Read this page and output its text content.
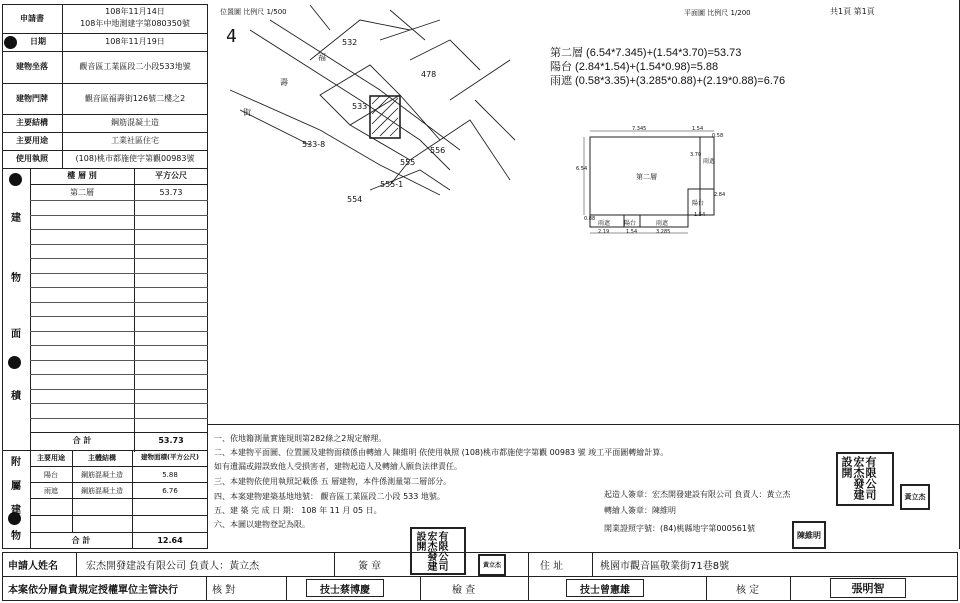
申請書
108年11月14日
108年中地測建字第080350號
日期	108年11月19日
建物坐落	觀音區工業區段二小段533地號
建物門牌	觀音區福壽街126號二樓之2
主要結構	鋼筋混凝土造
主要用途	工業社區住宅
使用執照	(108)桃市都施使字第觀00983號
樓 層 別	平方公尺
第二層	53.73
建
物
面
積
合 計	53.73
主要用途	主體結構	建物面積(平方公尺)
陽台	鋼筋混凝土造	5.88
雨遮	鋼筋混凝土造	6.76
附
屬
建
物	合 計	12.64
位置圖 比例尺 1/500
4	532
福
478
壽
533
街
533-8
556
555
555-1
554
平面圖 比例尺 1/200	共1頁 第1頁
第二層 (6.54*7.345)+(1.54*3.70)=53.73
陽台 (2.84*1.54)+(1.54*0.98)=5.88
雨遮 (0.58*3.35)+(3.285*0.88)+(2.19*0.88)=6.76
7.345	1.54
0.58
3.70
6.54
2.84
1.54
0.88
2.19	1.54	3.285
第二層
雨遮
陽台
雨遮 陽台	雨遮
一、依地籍測量實施規則第282條之2規定辦理。
二、本建物平面圖、位置圖及建物面積係由轉繪人 陳維明 依使用執照 (108)桃市都施使字第觀 00983 號 竣工平面圖轉繪計算。
如有遺漏或錯誤致他人受損害者，建物起造人及轉繪人願負法律責任。
三、本建物依使用執照記載係 五 層建物，本件係測量第二層部分。
四、本案建物建築基地地號： 觀音區工業區段二小段 533 地號。
五、建 築 完 成 日 期： 108 年 11 月 05 日。
六、本圖以建物登記為限。
起造人簽章：宏杰開發建設有限公司 負責人：黃立杰
轉繪人簽章：陳維明
開業證照字號：(84)桃縣地字第000561號
有限公司宏杰發建設開
黃立杰
陳維明
有限公司宏杰發建設開
申請人姓名	宏杰開發建設有限公司 負責人：黃立杰	簽 章	黃立杰	住 址	桃園市觀音區敬業街71巷8號
本案依分層負責規定授權單位主管決行	核 對	技士蔡博慶	檢 查	技士曾憲雄	核 定	張明智
